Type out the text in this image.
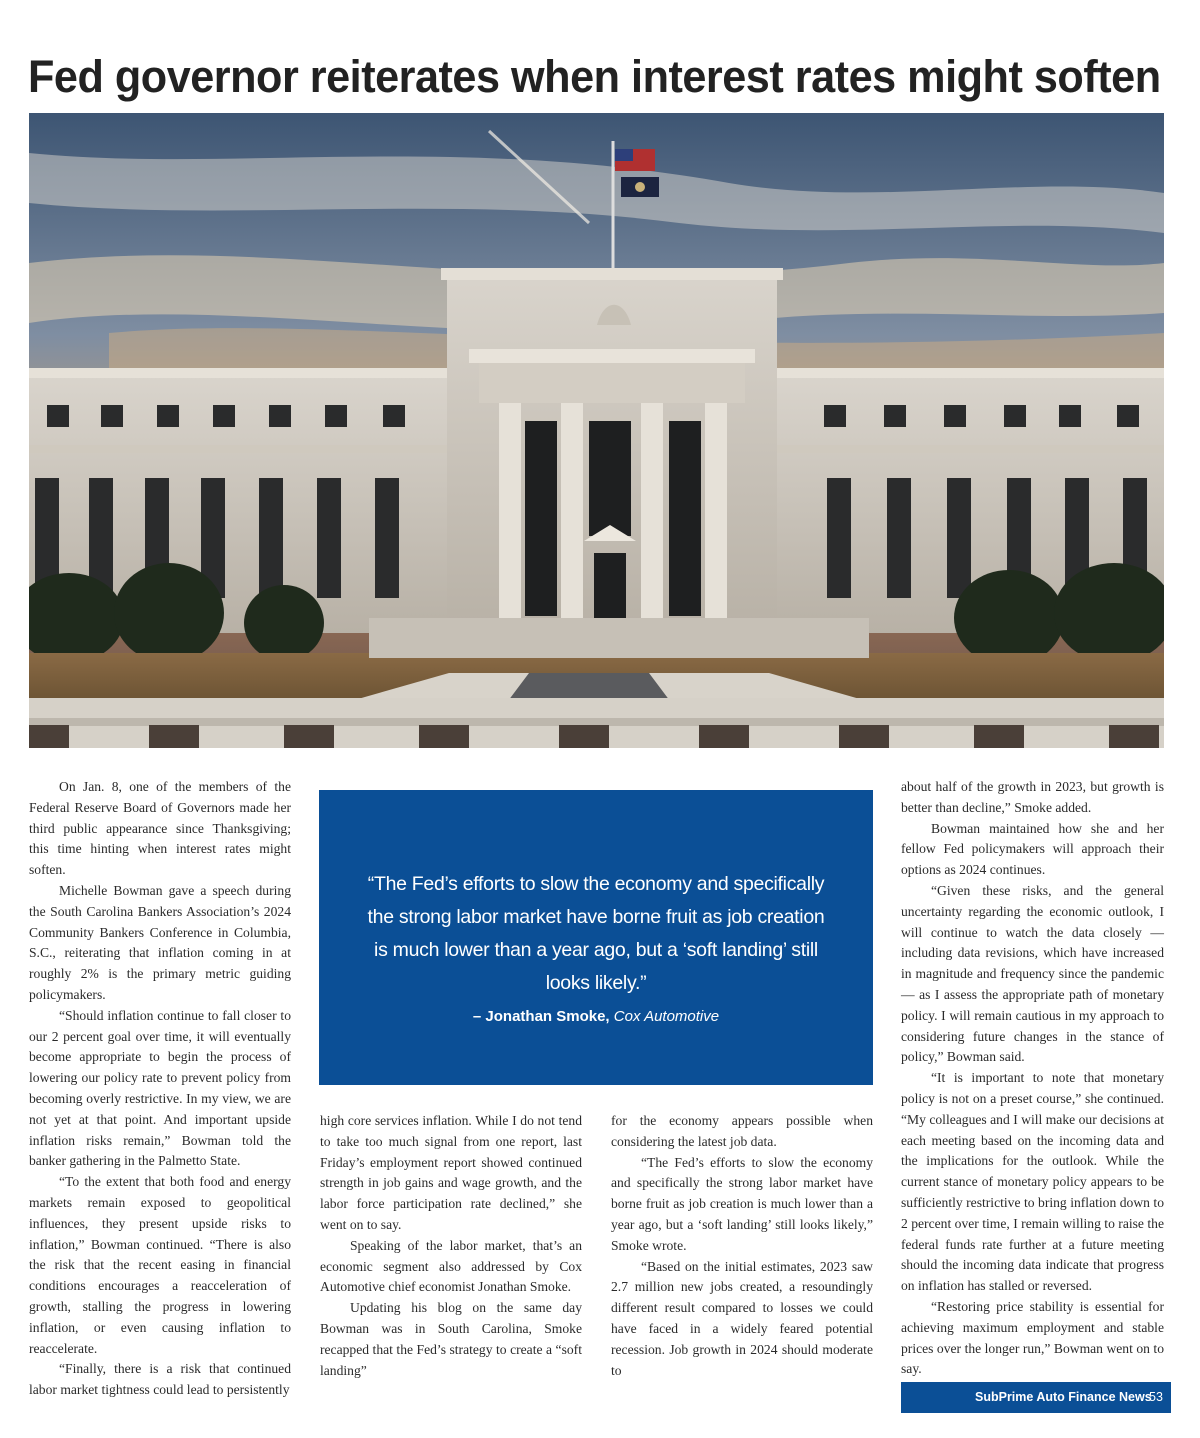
Fed governor reiterates when interest rates might soften

On Jan. 8, one of the members of the Federal Reserve Board of Governors made her third public appearance since Thanksgiving; this time hinting when interest rates might soften.

Michelle Bowman gave a speech during the South Carolina Bankers Association’s 2024 Community Bankers Conference in Columbia, S.C., reiterating that inflation coming in at roughly 2% is the primary metric guiding policymakers.

“Should inflation continue to fall closer to our 2 percent goal over time, it will eventually become appropriate to begin the process of lowering our policy rate to prevent policy from becoming overly restrictive. In my view, we are not yet at that point. And important upside inflation risks remain,” Bowman told the banker gathering in the Palmetto State.

“To the extent that both food and energy markets remain exposed to geopolitical influences, they present upside risks to inflation,” Bowman continued. “There is also the risk that the recent easing in financial conditions encourages a reacceleration of growth, stalling the progress in lowering inflation, or even causing inflation to reaccelerate.

“Finally, there is a risk that continued labor market tightness could lead to persistently

“The Fed’s efforts to slow the economy and specifically the strong labor market have borne fruit as job creation is much lower than a year ago, but a ‘soft landing’ still looks likely.”
– Jonathan Smoke, Cox Automotive

high core services inflation. While I do not tend to take too much signal from one report, last Friday’s employment report showed continued strength in job gains and wage growth, and the labor force participation rate declined,” she went on to say.

Speaking of the labor market, that’s an economic segment also addressed by Cox Automotive chief economist Jonathan Smoke.

Updating his blog on the same day Bowman was in South Carolina, Smoke recapped that the Fed’s strategy to create a “soft landing”

for the economy appears possible when considering the latest job data.

“The Fed’s efforts to slow the economy and specifically the strong labor market have borne fruit as job creation is much lower than a year ago, but a ‘soft landing’ still looks likely,” Smoke wrote.

“Based on the initial estimates, 2023 saw 2.7 million new jobs created, a resoundingly different result compared to losses we could have faced in a widely feared potential recession. Job growth in 2024 should moderate to

about half of the growth in 2023, but growth is better than decline,” Smoke added.

Bowman maintained how she and her fellow Fed policymakers will approach their options as 2024 continues.

“Given these risks, and the general uncertainty regarding the economic outlook, I will continue to watch the data closely — including data revisions, which have increased in magnitude and frequency since the pandemic — as I assess the appropriate path of monetary policy. I will remain cautious in my approach to considering future changes in the stance of policy,” Bowman said.

“It is important to note that monetary policy is not on a preset course,” she continued. “My colleagues and I will make our decisions at each meeting based on the incoming data and the implications for the outlook. While the current stance of monetary policy appears to be sufficiently restrictive to bring inflation down to 2 percent over time, I remain willing to raise the federal funds rate further at a future meeting should the incoming data indicate that progress on inflation has stalled or reversed.

“Restoring price stability is essential for achieving maximum employment and stable prices over the longer run,” Bowman went on to say.

SubPrime Auto Finance News
53
